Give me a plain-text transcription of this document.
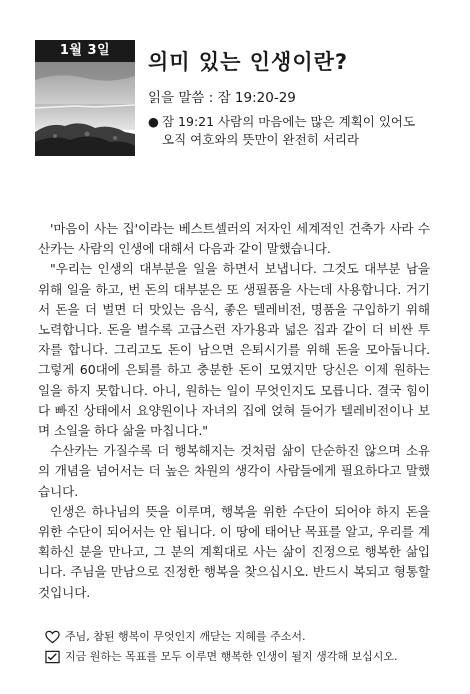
1월 3일	의미 있는 인생이란?
읽을 말씀 : 잠 19:20-29
● 잠 19:21 사람의 마음에는 많은 계획이 있어도 오직 여호와의 뜻만이 완전히 서리라

'마음이 사는 집'이라는 베스트셀러의 저자인 세계적인 건축가 사라 수산카는 사람의 인생에 대해서 다음과 같이 말했습니다.

"우리는 인생의 대부분을 일을 하면서 보냅니다. 그것도 대부분 남을 위해 일을 하고, 번 돈의 대부분은 또 생필품을 사는데 사용합니다. 거기서 돈을 더 벌면 더 맛있는 음식, 좋은 텔레비전, 명품을 구입하기 위해 노력합니다. 돈을 벌수록 고급스런 자가용과 넓은 집과 같이 더 비싼 투자를 합니다. 그리고도 돈이 남으면 은퇴시기를 위해 돈을 모아둡니다. 그렇게 60대에 은퇴를 하고 충분한 돈이 모였지만 당신은 이제 원하는 일을 하지 못합니다. 아니, 원하는 일이 무엇인지도 모릅니다. 결국 힘이 다 빠진 상태에서 요양원이나 자녀의 집에 얹혀 들어가 텔레비전이나 보며 소일을 하다 삶을 마칩니다."

수산카는 가질수록 더 행복해지는 것처럼 삶이 단순하진 않으며 소유의 개념을 넘어서는 더 높은 차원의 생각이 사람들에게 필요하다고 말했습니다.

인생은 하나님의 뜻을 이루며, 행복을 위한 수단이 되어야 하지 돈을 위한 수단이 되어서는 안 됩니다. 이 땅에 태어난 목표를 알고, 우리를 계획하신 분을 만나고, 그 분의 계획대로 사는 삶이 진정으로 행복한 삶입니다. 주님을 만남으로 진정한 행복을 찾으십시오. 반드시 복되고 형통할 것입니다.

주님, 참된 행복이 무엇인지 깨닫는 지혜를 주소서.
지금 원하는 목표를 모두 이루면 행복한 인생이 될지 생각해 보십시오.
